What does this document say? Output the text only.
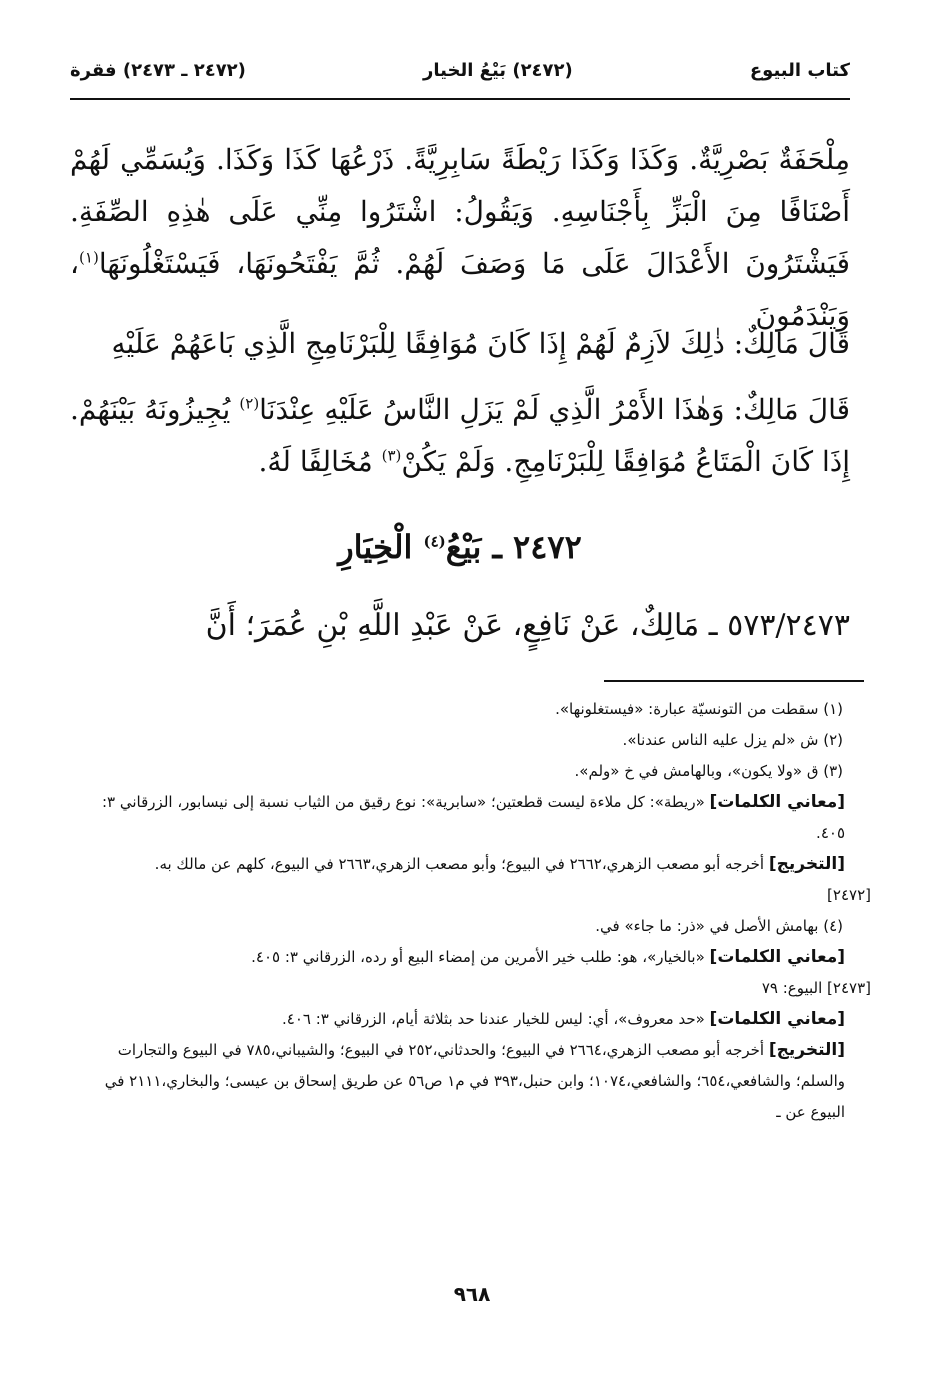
كتاب البيوع
(٢٤٧٢) بَيْعُ الخيار
(٢٤٧٢ ـ ٢٤٧٣) فقرة

مِلْحَفَةٌ بَصْرِيَّةٌ. وَكَذَا وَكَذَا رَيْطَةً سَابِرِيَّةً. ذَرْعُهَا كَذَا وَكَذَا. وَيُسَمِّي لَهُمْ أَصْنَافًا مِنَ الْبَزِّ بِأَجْنَاسِهِ. وَيَقُولُ: اشْتَرُوا مِنِّي عَلَى هٰذِهِ الصِّفَةِ. فَيَشْتَرُونَ الأَعْدَالَ عَلَى مَا وَصَفَ لَهُمْ. ثُمَّ يَفْتَحُونَهَا، فَيَسْتَغْلُونَهَا$^{(١)}$، وَيَنْدَمُونَ

قَالَ مَالِكٌ: ذٰلِكَ لاَزِمٌ لَهُمْ إِذَا كَانَ مُوَافِقًا لِلْبَرْنَامِجِ الَّذِي بَاعَهُمْ عَلَيْهِ

قَالَ مَالِكٌ: وَهٰذَا الأَمْرُ الَّذِي لَمْ يَزَلِ النَّاسُ عَلَيْهِ عِنْدَنَا$^{(٢)}$ يُجِيزُونَهُ بَيْنَهُمْ. إِذَا كَانَ الْمَتَاعُ مُوَافِقًا لِلْبَرْنَامِجِ. وَلَمْ يَكُنْ$^{(٣)}$ مُخَالِفًا لَهُ.

٢٤٧٢ ـ بَيْعُ$^{(٤)}$ الْخِيَارِ

٥٧٣/٢٤٧٣ ـ مَالِكٌ، عَنْ نَافِعٍ، عَنْ عَبْدِ اللَّهِ بْنِ عُمَرَ؛ أَنَّ

(١) سقطت من التونسيّة عبارة: «فيستغلونها».

(٢) ش «لم يزل عليه الناس عندنا».

(٣) ق «ولا يكون»، وبالهامش في خ «ولم».

[معاني الكلمات] «ريطة»: كل ملاءة ليست قطعتين؛ «سابرية»: نوع رقيق من الثياب نسبة إلى نيسابور، الزرقاني ٣: ٤٠٥.

[التخريج] أخرجه أبو مصعب الزهري،٢٦٦٢ في البيوع؛ وأبو مصعب الزهري،٢٦٦٣ في البيوع، كلهم عن مالك به.

[٢٤٧٢]

(٤) بهامش الأصل في «ذر: ما جاء» في.

[معاني الكلمات] «بالخيار»، هو: طلب خير الأمرين من إمضاء البيع أو رده، الزرقاني ٣: ٤٠٥.

[٢٤٧٣] البيوع: ٧٩

[معاني الكلمات] «حد معروف»، أي: ليس للخيار عندنا حد بثلاثة أيام، الزرقاني ٣: ٤٠٦.

[التخريج] أخرجه أبو مصعب الزهري،٢٦٦٤ في البيوع؛ والحدثاني،٢٥٢ في البيوع؛ والشيباني،٧٨٥ في البيوع والتجارات والسلم؛ والشافعي،٦٥٤؛ والشافعي،١٠٧٤؛ وابن حنبل،٣٩٣ في م١ ص٥٦ عن طريق إسحاق بن عيسى؛ والبخاري،٢١١١ في البيوع عن ـ

٩٦٨
